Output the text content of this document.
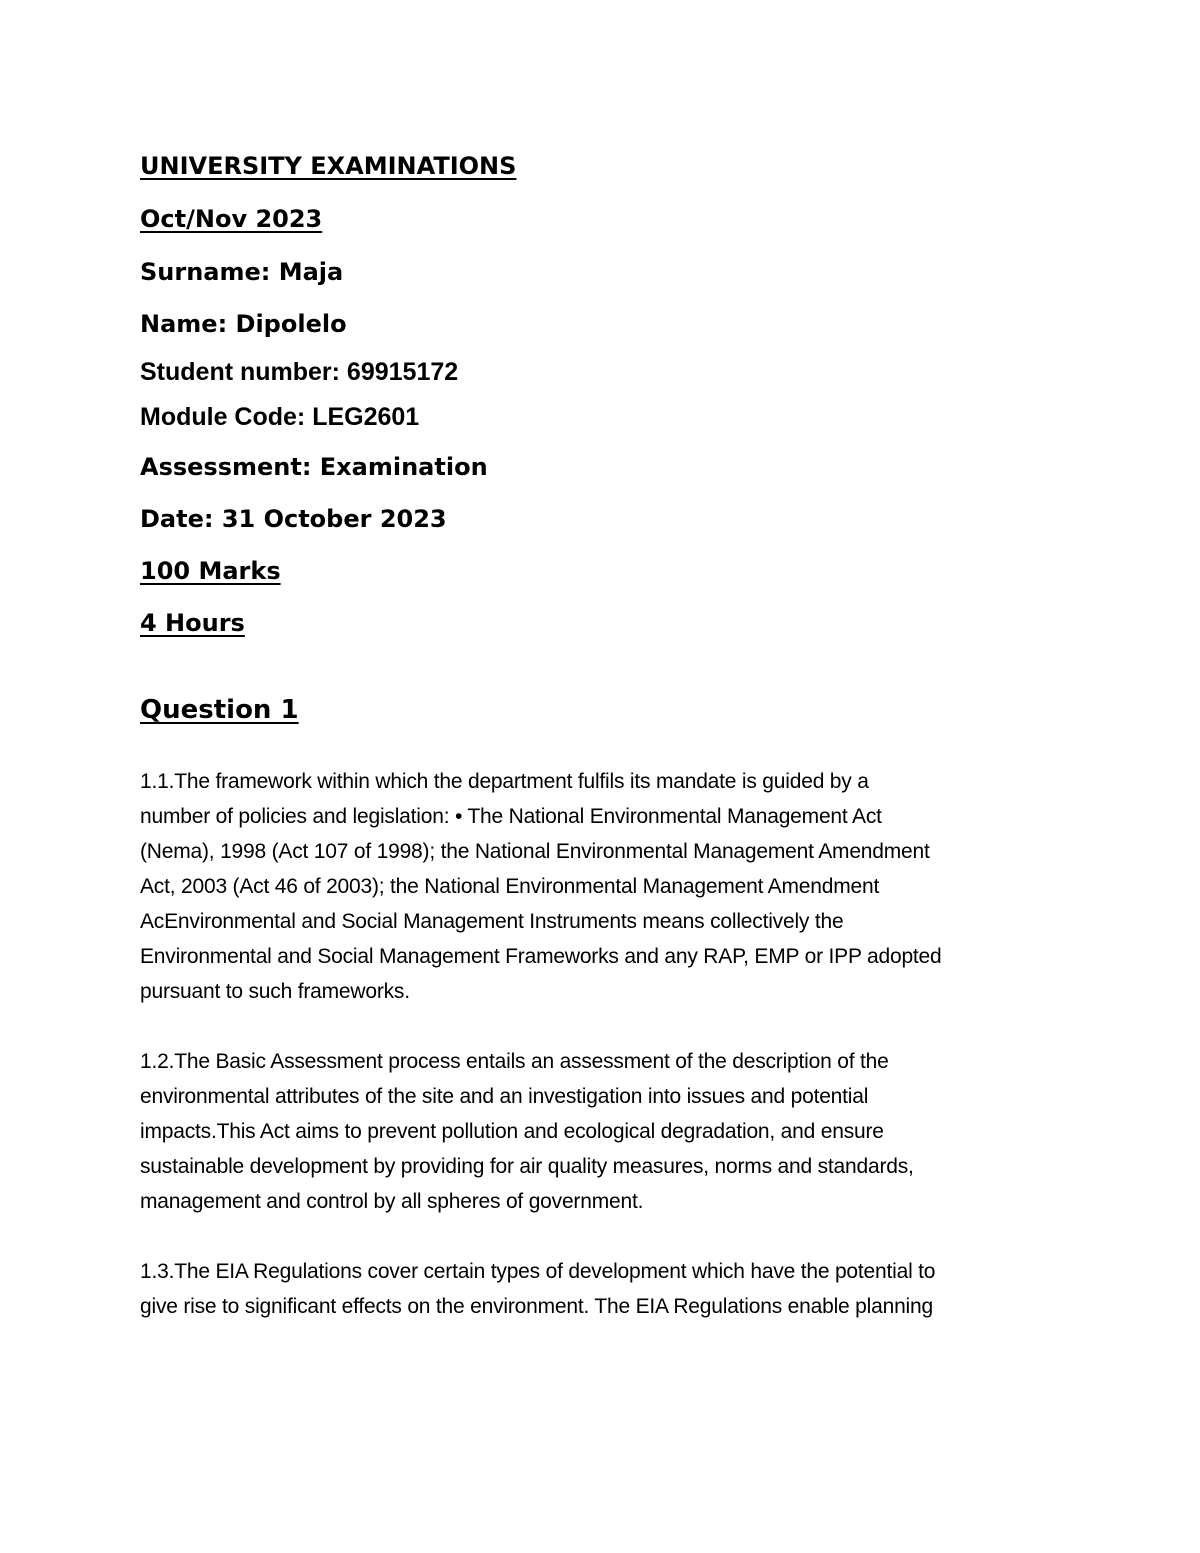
UNIVERSITY EXAMINATIONS
Oct/Nov 2023
Surname: Maja
Name: Dipolelo
Student number: 69915172
Module Code: LEG2601
Assessment: Examination
Date: 31 October 2023
100 Marks
4 Hours
Question 1
1.1.The framework within which the department fulfils its mandate is guided by a
number of policies and legislation: • The National Environmental Management Act
(Nema), 1998 (Act 107 of 1998); the National Environmental Management Amendment
Act, 2003 (Act 46 of 2003); the National Environmental Management Amendment
AcEnvironmental and Social Management Instruments means collectively the
Environmental and Social Management Frameworks and any RAP, EMP or IPP adopted
pursuant to such frameworks.
1.2.The Basic Assessment process entails an assessment of the description of the
environmental attributes of the site and an investigation into issues and potential
impacts.This Act aims to prevent pollution and ecological degradation, and ensure
sustainable development by providing for air quality measures, norms and standards,
management and control by all spheres of government.
1.3.The EIA Regulations cover certain types of development which have the potential to
give rise to significant effects on the environment. The EIA Regulations enable planning
